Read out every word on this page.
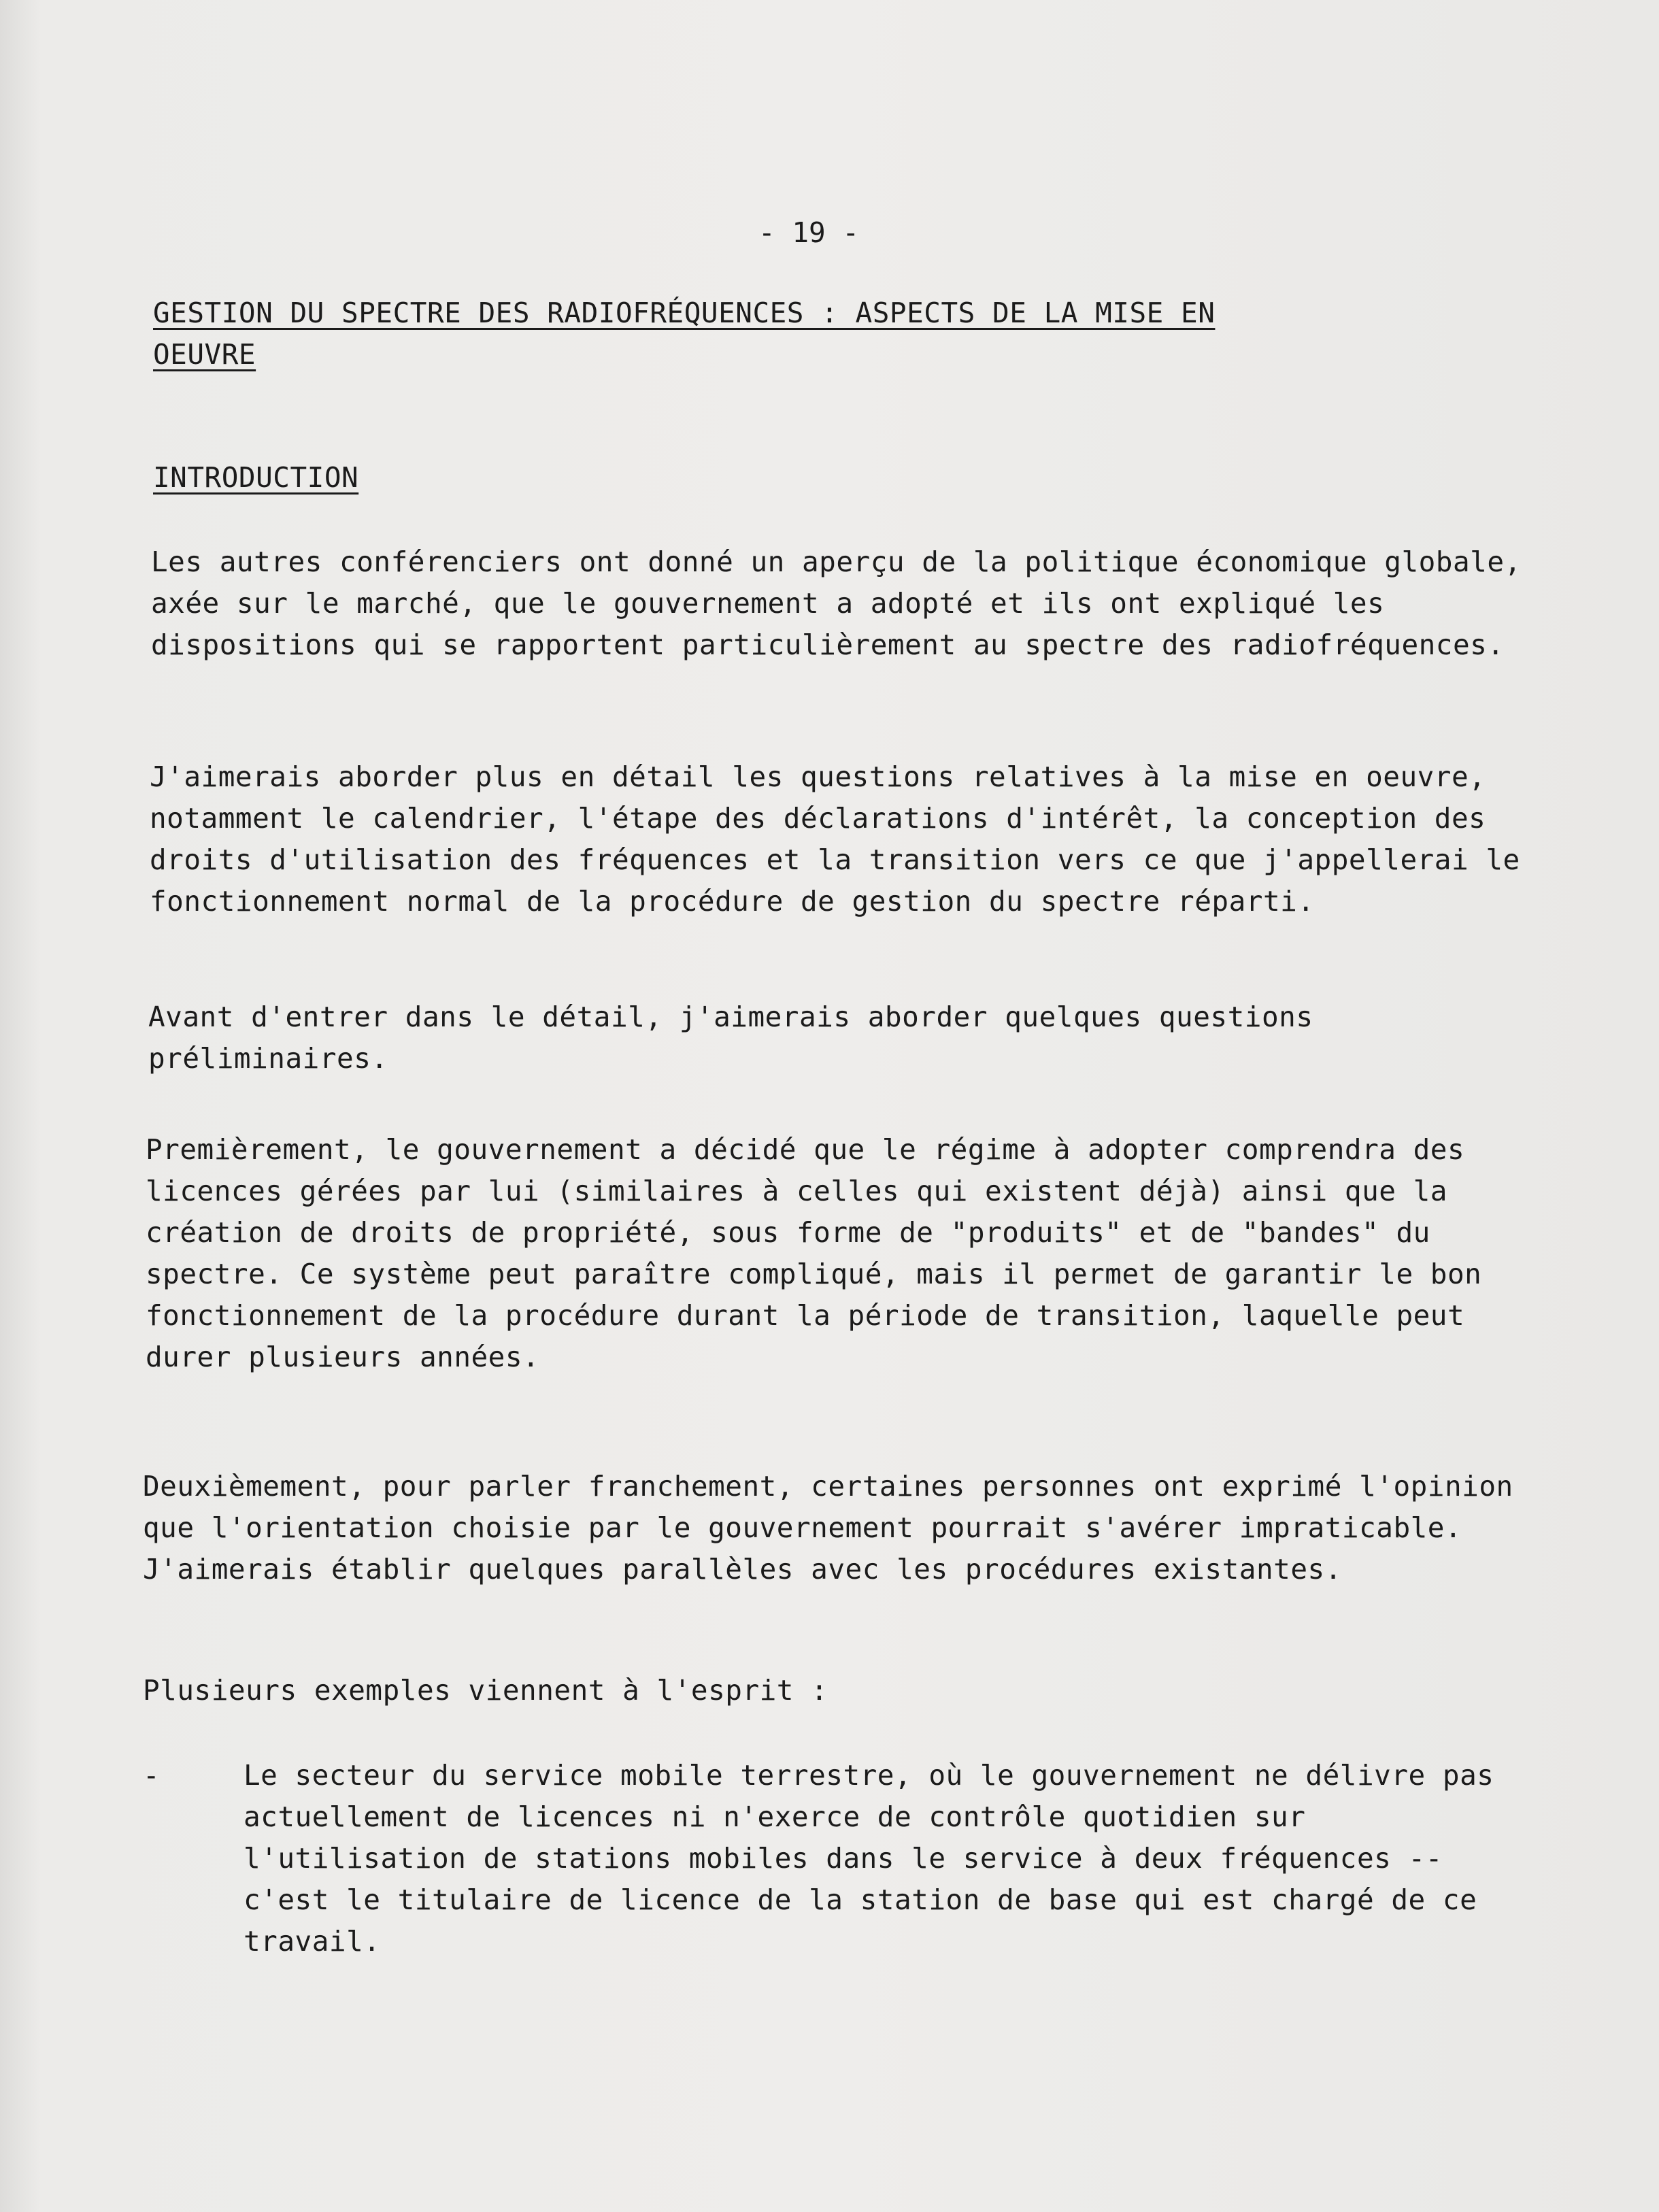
- 19 -
GESTION DU SPECTRE DES RADIOFRÉQUENCES : ASPECTS DE LA MISE EN
OEUVRE
INTRODUCTION

Les autres conférenciers ont donné un aperçu de la politique économique globale, axée sur le marché, que le gouvernement a adopté et ils ont expliqué les dispositions qui se rapportent particulièrement au spectre des radiofréquences.

J'aimerais aborder plus en détail les questions relatives à la mise en oeuvre, notamment le calendrier, l'étape des déclarations d'intérêt, la conception des droits d'utilisation des fréquences et la transition vers ce que j'appellerai le fonctionnement normal de la procédure de gestion du spectre réparti.

Avant d'entrer dans le détail, j'aimerais aborder quelques questions préliminaires.

Premièrement, le gouvernement a décidé que le régime à adopter comprendra des licences gérées par lui (similaires à celles qui existent déjà) ainsi que la création de droits de propriété, sous forme de "produits" et de "bandes" du spectre. Ce système peut paraître compliqué, mais il permet de garantir le bon fonctionnement de la procédure durant la période de transition, laquelle peut durer plusieurs années.

Deuxièmement, pour parler franchement, certaines personnes ont exprimé l'opinion que l'orientation choisie par le gouvernement pourrait s'avérer impraticable. J'aimerais établir quelques parallèles avec les procédures existantes.

Plusieurs exemples viennent à l'esprit :

-	Le secteur du service mobile terrestre, où le gouvernement ne délivre pas actuellement de licences ni n'exerce de contrôle quotidien sur l'utilisation de stations mobiles dans le service à deux fréquences -- c'est le titulaire de licence de la station de base qui est chargé de ce travail.
